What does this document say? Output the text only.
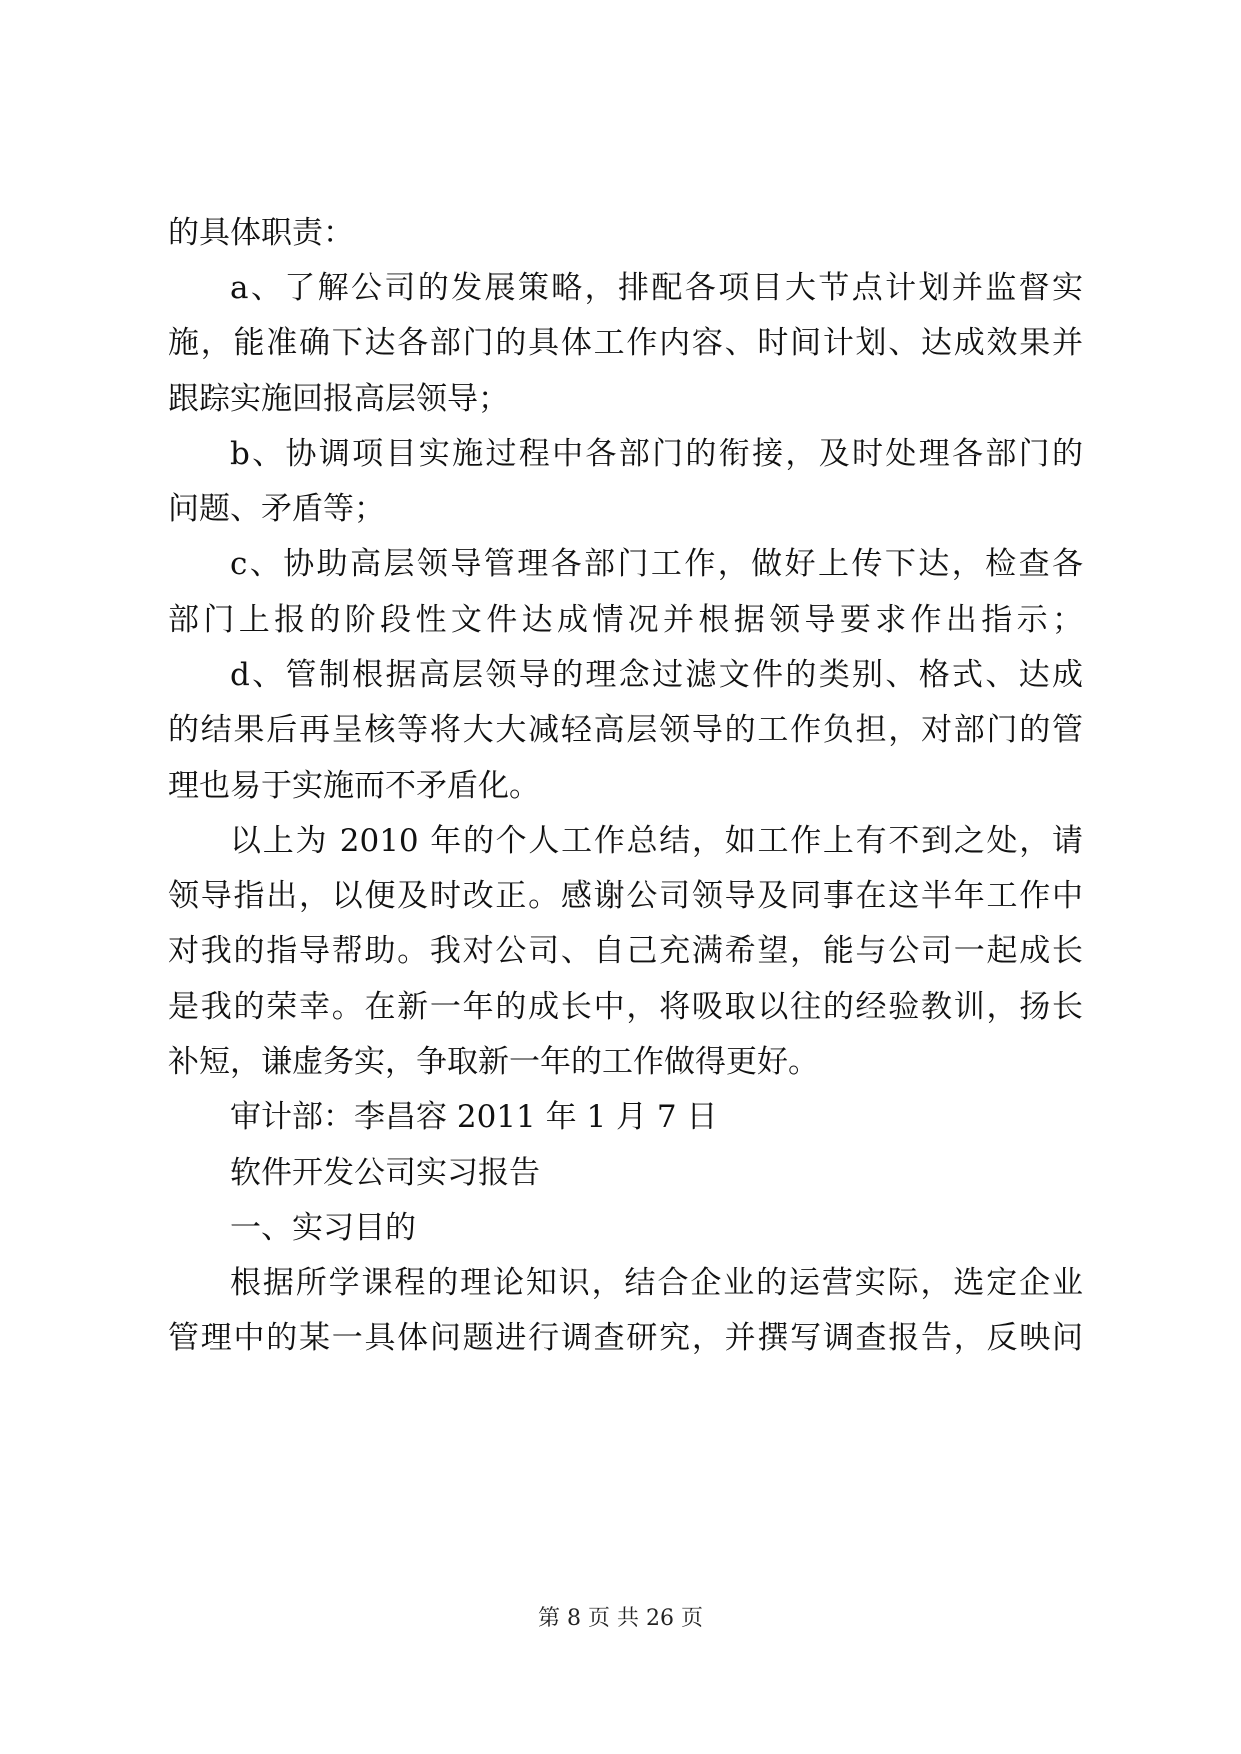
的具体职责：
a、了解公司的发展策略，排配各项目大节点计划并监督实
施，能准确下达各部门的具体工作内容、时间计划、达成效果并
跟踪实施回报高层领导；
b、协调项目实施过程中各部门的衔接，及时处理各部门的
问题、矛盾等；
c、协助高层领导管理各部门工作，做好上传下达，检查各
部门上报的阶段性文件达成情况并根据领导要求作出指示；
d、管制根据高层领导的理念过滤文件的类别、格式、达成
的结果后再呈核等将大大减轻高层领导的工作负担，对部门的管
理也易于实施而不矛盾化。
以上为 2010 年的个人工作总结，如工作上有不到之处，请
领导指出，以便及时改正。感谢公司领导及同事在这半年工作中
对我的指导帮助。我对公司、自己充满希望，能与公司一起成长
是我的荣幸。在新一年的成长中，将吸取以往的经验教训，扬长
补短，谦虚务实，争取新一年的工作做得更好。
审计部：李昌容 2011 年 1 月 7 日
软件开发公司实习报告
一、实习目的
根据所学课程的理论知识，结合企业的运营实际，选定企业
管理中的某一具体问题进行调查研究，并撰写调查报告，反映问
第 8 页 共 26 页
